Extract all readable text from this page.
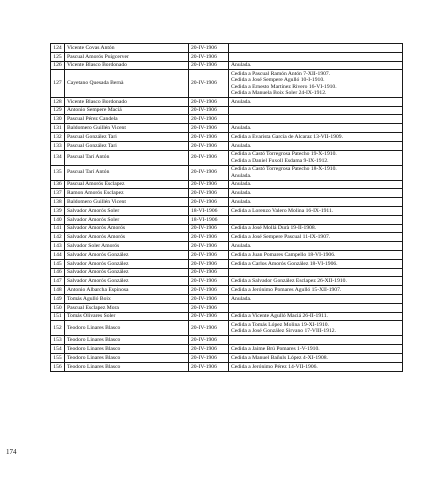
124	Vicente Covas Antón	20-IV-1906	
125	Pascual Amorós Puigcerver	20-IV-1906	
126	Vicente Blasco Bordonado	20-IV-1906	Anulada.

127	Cayetano Quesada Bernà	20-IV-1906	Cedida a Pascual Ramón Antón 7-XII-1907.
Cedida a José Sempere Agulló 10-I-1910.
Cedida a Ernesto Martínez Rivero 16-VI-1910.
Cedida a Manuela Boix Soler 24-IX-1912.

128	Vicente Blasco Bordonado	20-IV-1906	Anulada.

129	Antonio Sempere Maciá	20-IV-1906	
130	Pascual Pérez Candela	20-IV-1906	
131	Baldomero Guillén Vicent	20-IV-1906	Anulada.

132	Pascual González Tari	20-IV-1906	Cedida a Evarista García de Alcaraz 13-VII-1909.

133	Pascual González Tari	20-IV-1906	Anulada.

134	Pascual Tarí Antón	20-IV-1906	Cedida a Castó Torregrosa Patecho 19-X-1910.
Cedida a Daniel Fuxoll Esdama 9-IX-1912.

135	Pascual Tarí Antón	20-IV-1906	Cedida a Castó Torregrosa Patecho 18-X-1910.
Anulada.

136	Pascual Amorós Esclapez	20-IV-1906	Anulada.

137	Ramon Amorós Esclapez	20-IV-1906	Anulada.

138	Baldomero Guillén Vicent	20-IV-1906	Anulada.

139	Salvador Amorós Soler	18-VI-1906	Cedida a Lorenzo Valero Molina 16-IX-1911.

140	Salvador Amorós Soler	18-VI-1906	
141	Salvador Amorós Amorós	20-IV-1906	Cedida a José Mollá Durà 19-II-1908.

142	Salvador Amorós Amorós	20-IV-1906	Cedida a José Sempere Pascual 11-IX-1907.

143	Salvador Soler Amorós	20-IV-1906	Anulada.

144	Salvador Amorós González	20-IV-1906	Cedida a Juan Pomares Campello 18-VI-1906.

145	Salvador Amorós González	20-IV-1906	Cedida a Carlos Amorós González 18-VI-1906.

146	Salvador Amorós González	20-IV-1906	
147	Salvador Amorós González	20-IV-1906	Cedida a Salvador González Esclapez 26-XII-1910.

148	Antonio Albarcha Espinosa	20-IV-1906	Cedida a Jerónimo Pomares Agulló 15-XII-1907.

149	Tomás Agulló Boix	20-IV-1906	Anulada.

150	Pascual Esclapez Mora	20-IV-1906	
151	Tomás Olivares Soler	20-IV-1906	Cedida a Vicente Agulló Maciá 26-II-1911.

152	Teodoro Linares Blasco	20-IV-1906	Cedida a Tomás López Molina 19-XI-1910.
Cedida a José González Sirvano 17-VIII-1912.

153	Teodoro Linares Blasco	20-IV-1906	
154	Teodoro Linares Blasco	20-IV-1906	Cedida a Jaime Brú Pomares 1-V-1910.

155	Teodoro Linares Blasco	20-IV-1906	Cedida a Manuel Bañuls López 4-XI-1908.

156	Teodoro Linares Blasco	20-IV-1906	Cedida a Jerónimo Pérez 14-VII-1906.
174
